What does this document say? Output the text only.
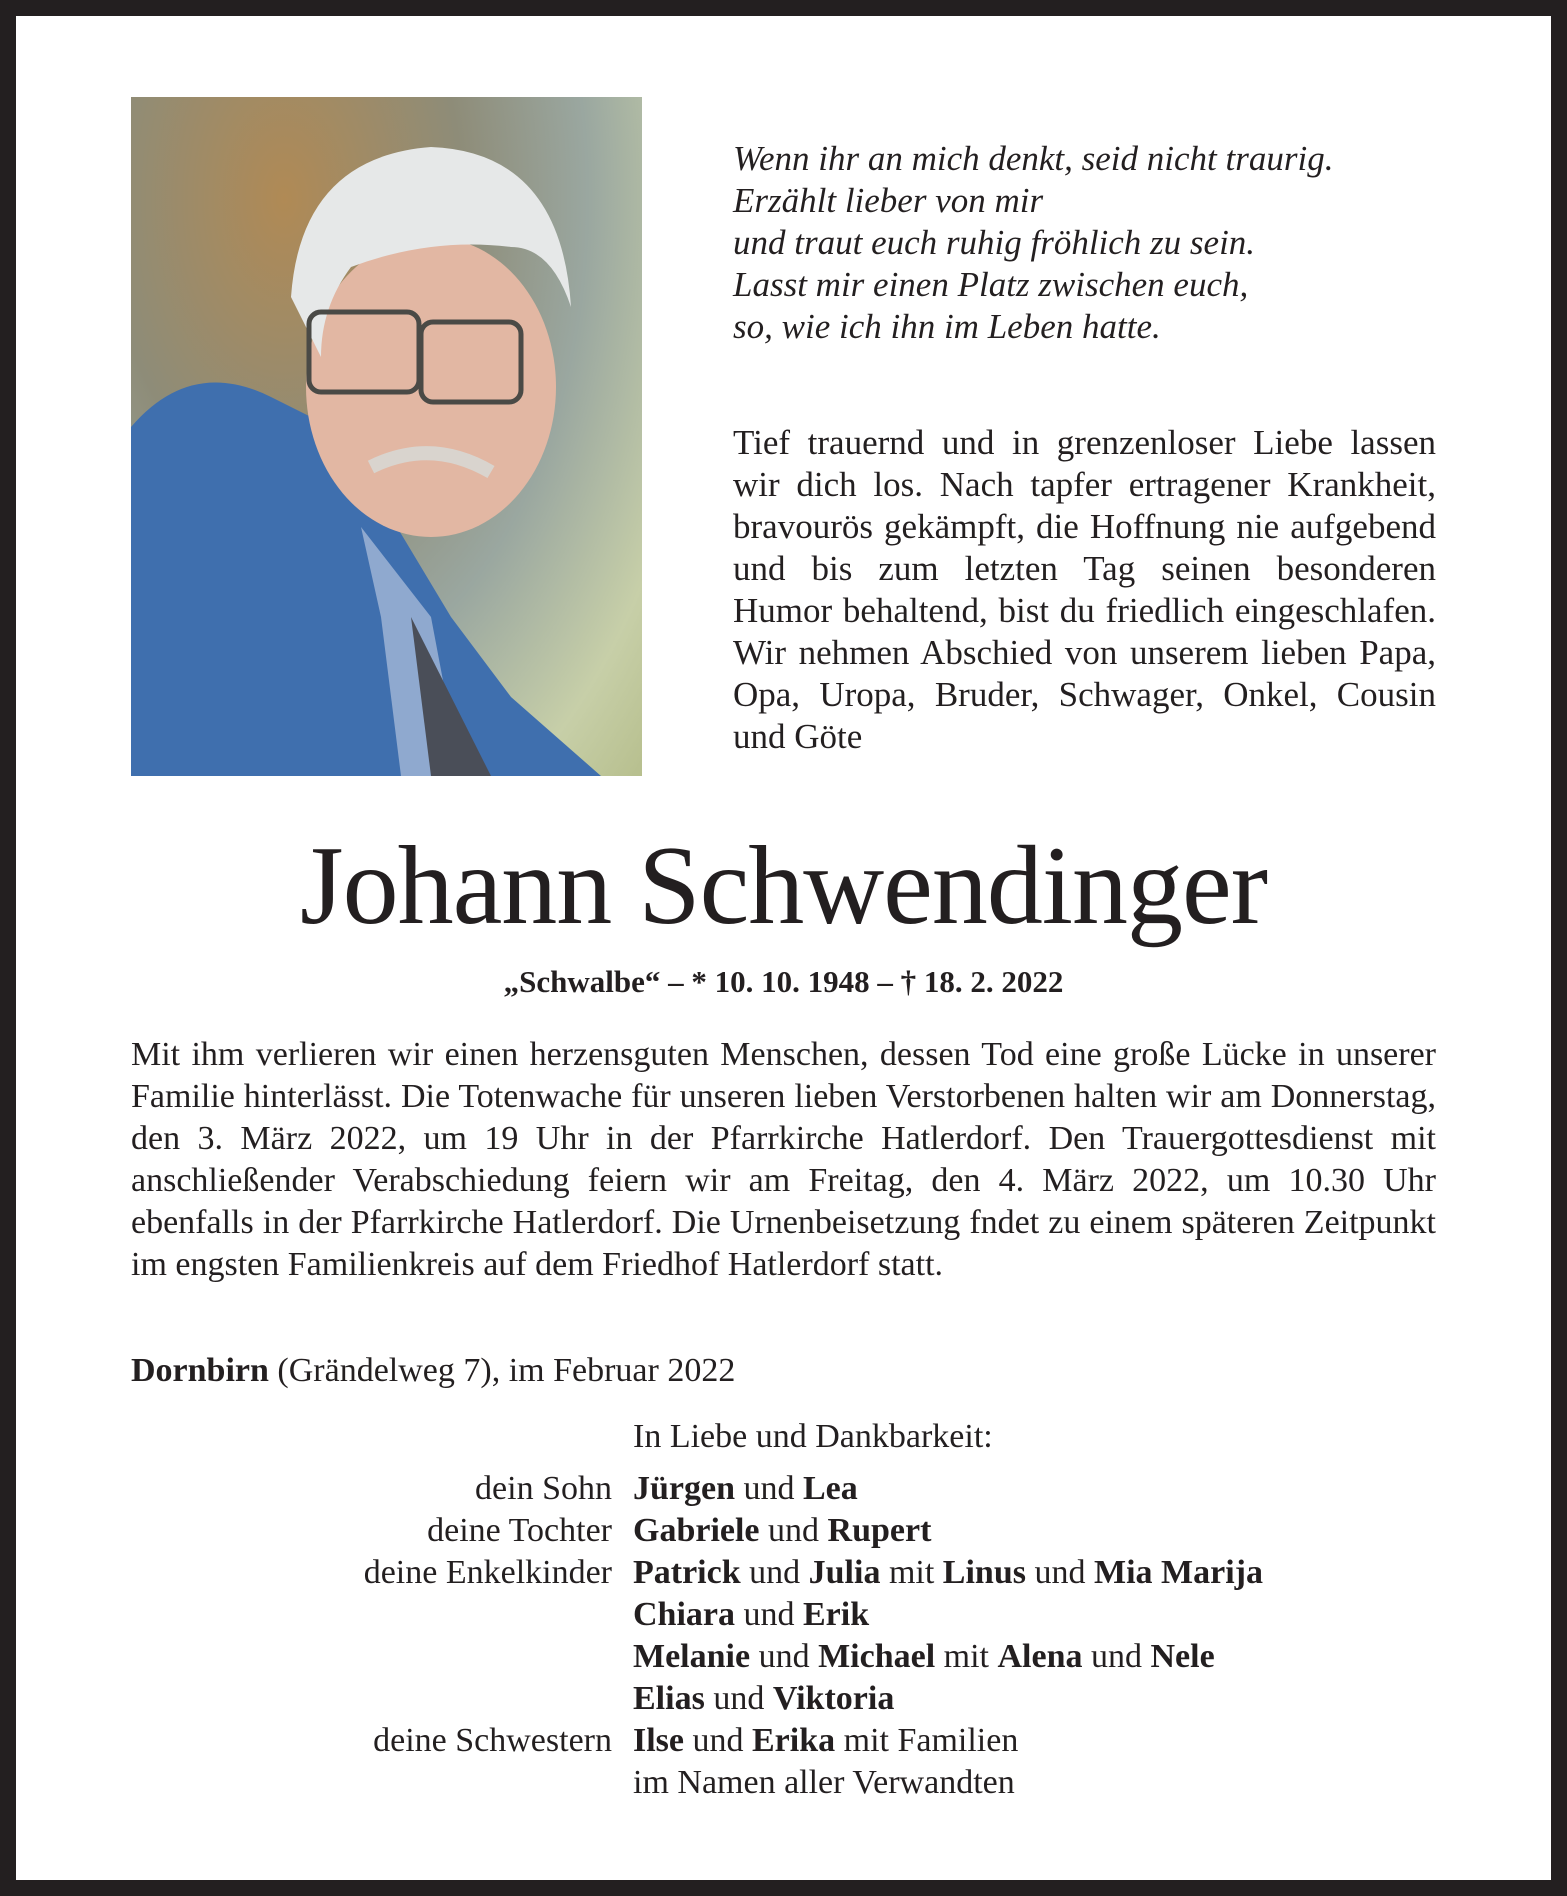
Wenn ihr an mich denkt, seid nicht traurig.
Erzählt lieber von mir
und traut euch ruhig fröhlich zu sein.
Lasst mir einen Platz zwischen euch,
so, wie ich ihn im Leben hatte.
Tief trauernd und in grenzenloser Liebe lassen wir dich los. Nach tapfer ertragener Krankheit, bravourös gekämpft, die Hoffnung nie aufgebend und bis zum letzten Tag seinen besonderen Humor behaltend, bist du friedlich eingeschlafen. Wir nehmen Abschied von unserem lieben Papa, Opa, Uropa, Bruder, Schwager, Onkel, Cousin und Göte
Johann Schwendinger
„Schwalbe“ – * 10. 10. 1948 – † 18. 2. 2022
Mit ihm verlieren wir einen herzensguten Menschen, dessen Tod eine große Lücke in unserer Familie hinterlässt. Die Totenwache für unseren lieben Verstorbenen halten wir am Donnerstag, den 3. März 2022, um 19 Uhr in der Pfarrkirche Hatlerdorf. Den Trauergottesdienst mit anschließender Verabschiedung feiern wir am Freitag, den 4. März 2022, um 10.30 Uhr ebenfalls in der Pfarrkirche Hatlerdorf. Die Urnenbeisetzung fndet zu einem späteren Zeitpunkt im engsten Familienkreis auf dem Friedhof Hatlerdorf statt.
Dornbirn (Grändelweg 7), im Februar 2022
In Liebe und Dankbarkeit:
dein Sohn Jürgen und Lea
deine Tochter Gabriele und Rupert
deine Enkelkinder Patrick und Julia mit Linus und Mia Marija
Chiara und Erik
Melanie und Michael mit Alena und Nele
Elias und Viktoria
deine Schwestern Ilse und Erika mit Familien
im Namen aller Verwandten
